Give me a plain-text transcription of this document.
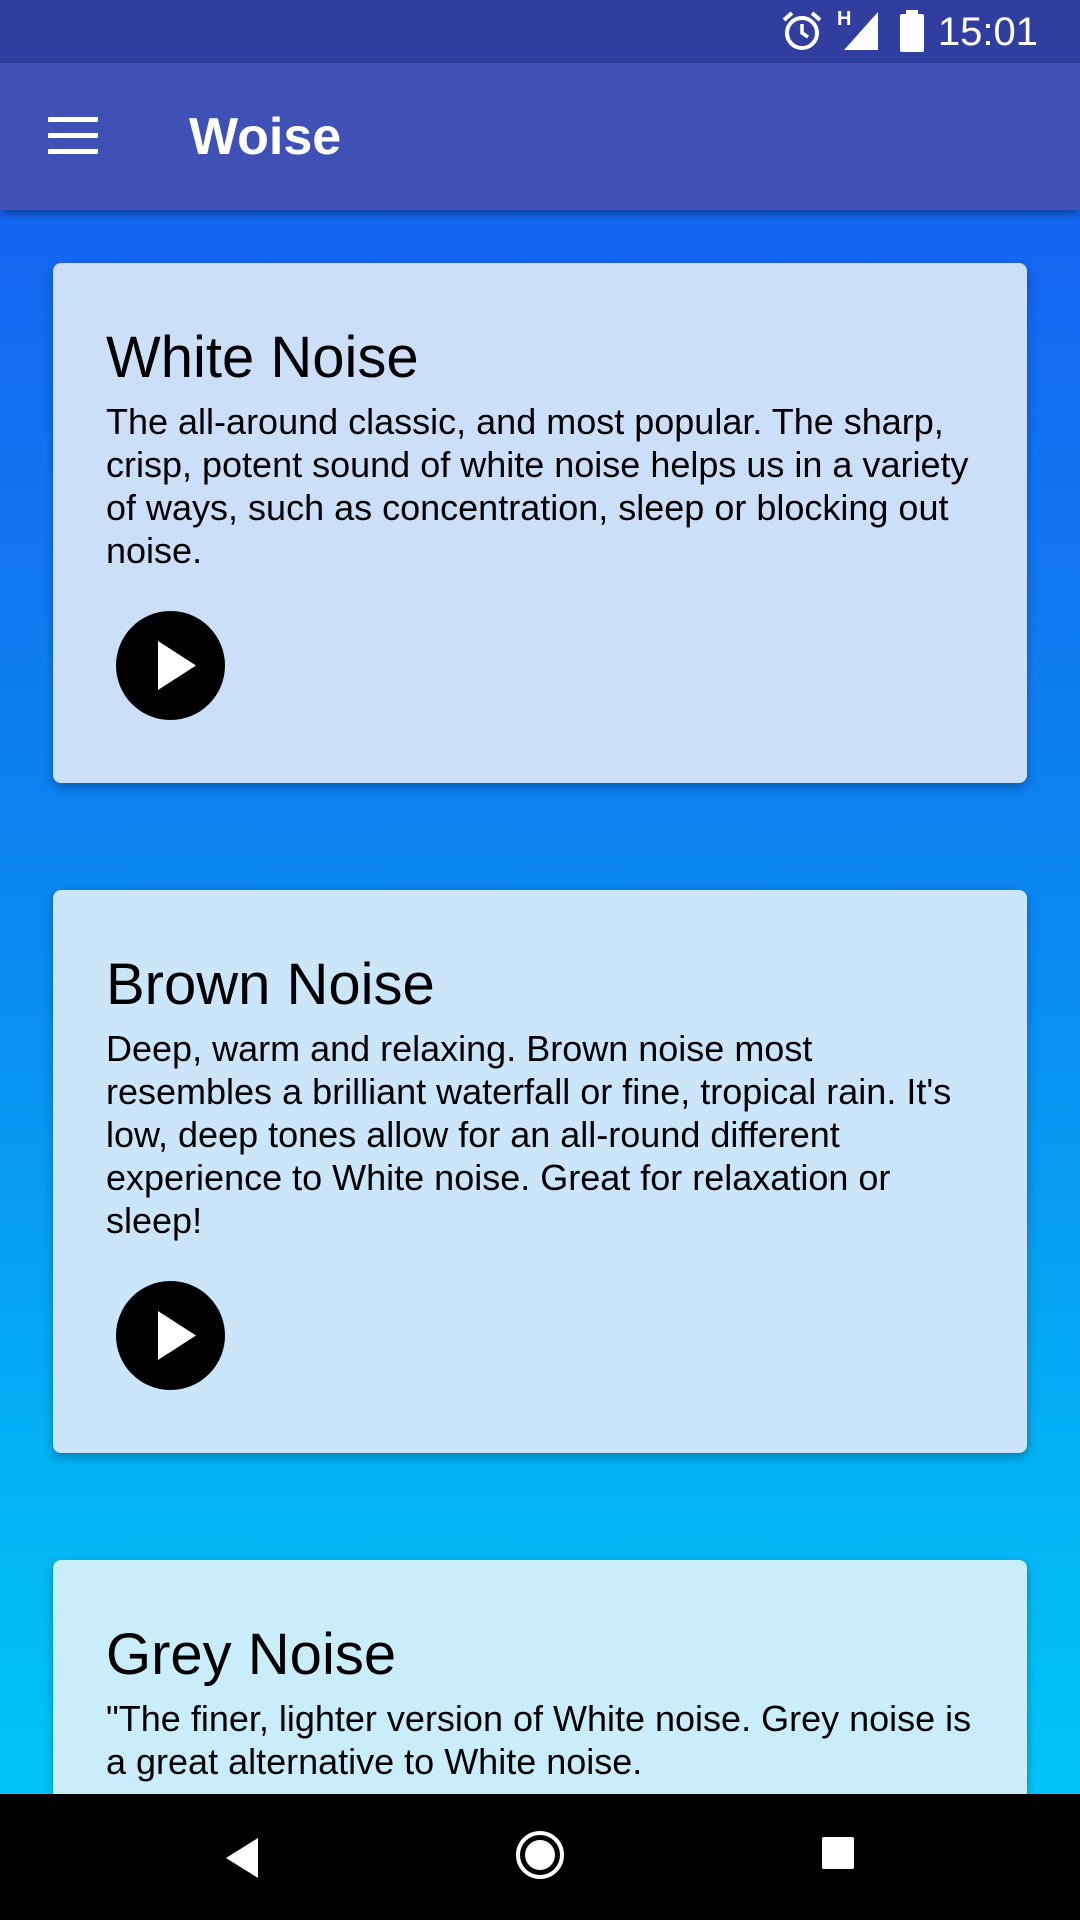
H 15:01
Woise
White Noise
The all-around classic, and most popular. The sharp, crisp, potent sound of white noise helps us in a variety of ways, such as concentration, sleep or blocking out noise.
Brown Noise
Deep, warm and relaxing. Brown noise most resembles a brilliant waterfall or fine, tropical rain. It's low, deep tones allow for an all-round different experience to White noise. Great for relaxation or sleep!
Grey Noise
"The finer, lighter version of White noise. Grey noise is a great alternative to White noise.
